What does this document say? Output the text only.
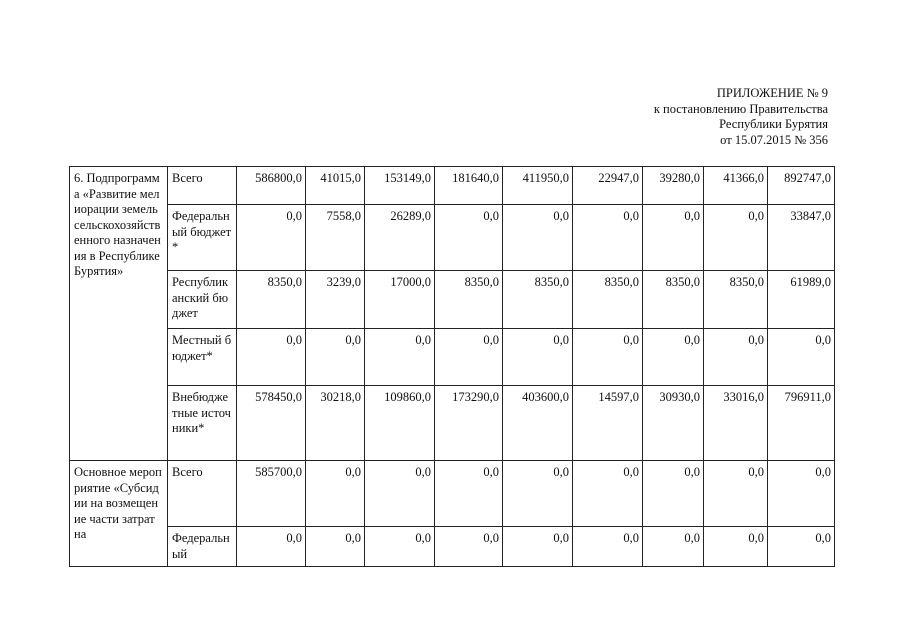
ПРИЛОЖЕНИЕ № 9
к постановлению Правительства
Республики Бурятия
от 15.07.2015 № 356
6. Подпрограмма «Развитие мелиорации земель сельскохозяйственного назначения в Республике Бурятия»	Всего	586800,0	41015,0	153149,0	181640,0	411950,0	22947,0	39280,0	41366,0	892747,0
	Федеральный бюджет *	0,0	7558,0	26289,0	0,0	0,0	0,0	0,0	0,0	33847,0
	Республиканский бюджет	8350,0	3239,0	17000,0	8350,0	8350,0	8350,0	8350,0	8350,0	61989,0
	Местный бюджет*	0,0	0,0	0,0	0,0	0,0	0,0	0,0	0,0	0,0
	Внебюджетные источники*	578450,0	30218,0	109860,0	173290,0	403600,0	14597,0	30930,0	33016,0	796911,0
Основное мероприятие «Субсидии на возмещение части затрат на	Всего	585700,0	0,0	0,0	0,0	0,0	0,0	0,0	0,0	0,0
	Федеральный	0,0	0,0	0,0	0,0	0,0	0,0	0,0	0,0	0,0
